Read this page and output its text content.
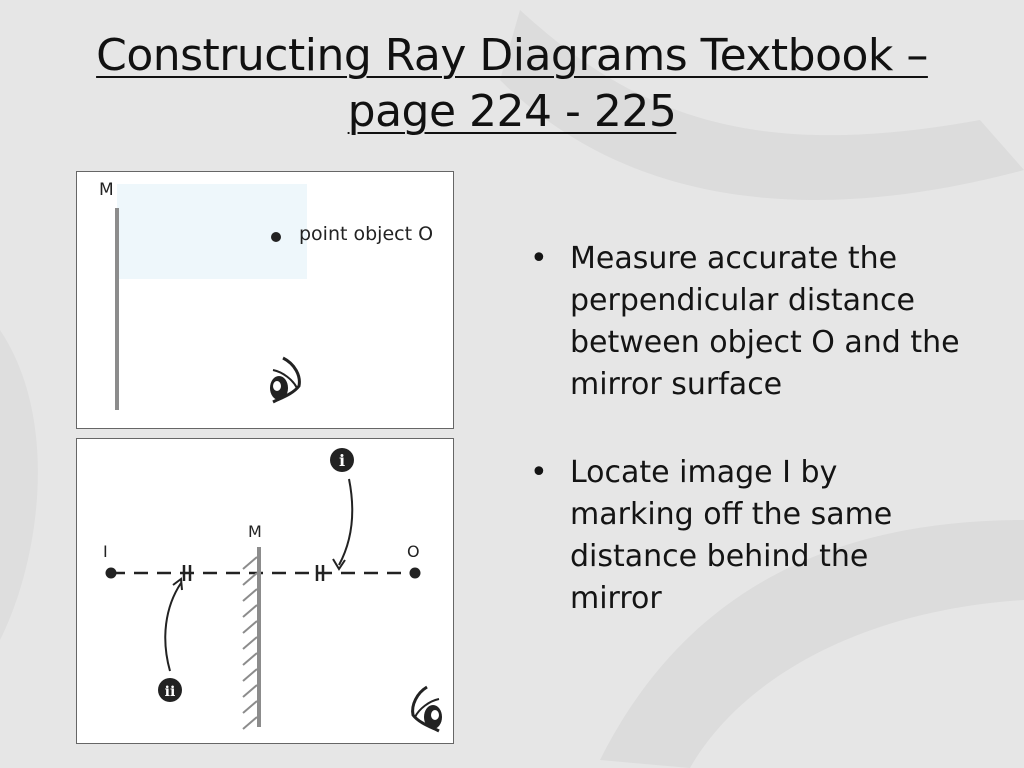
Constructing Ray Diagrams Textbook – page 224 - 225
M
point object O
I
M
O
i
ii
• Measure accurate the perpendicular distance between object O and the mirror surface
• Locate image I by marking off the same distance behind the mirror
